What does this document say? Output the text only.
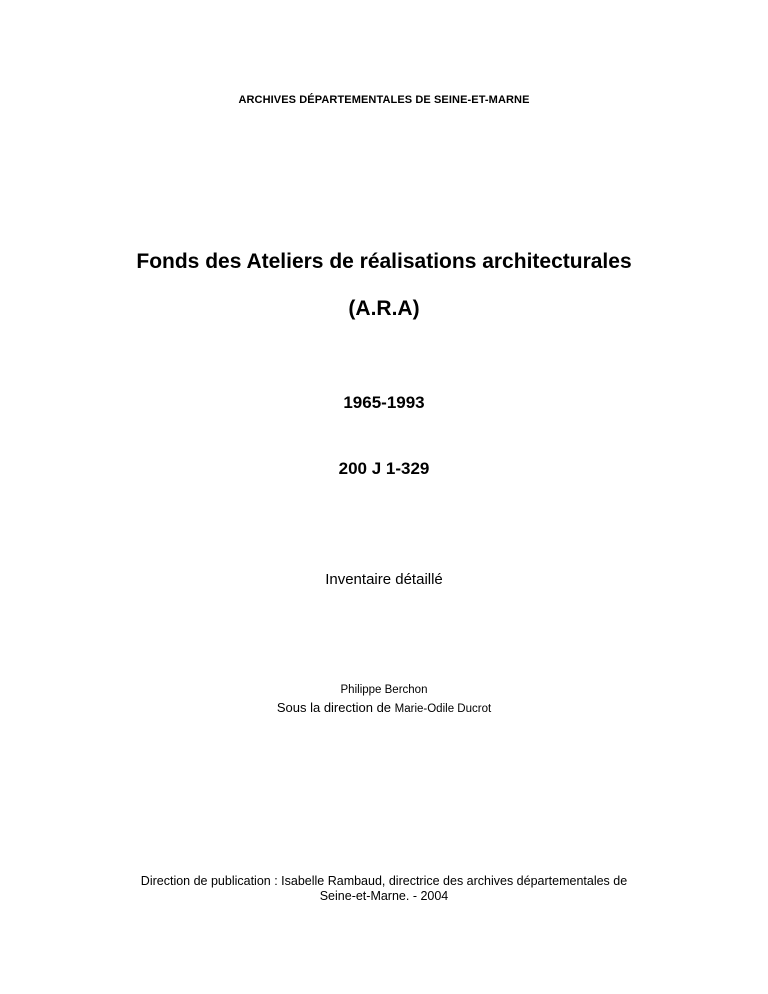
ARCHIVES DÉPARTEMENTALES DE SEINE-ET-MARNE
Fonds des Ateliers de réalisations architecturales
(A.R.A)
1965-1993
200 J 1-329
Inventaire détaillé
Philippe Berchon
Sous la direction de Marie-Odile Ducrot
Direction de publication : Isabelle Rambaud, directrice des archives départementales de
Seine-et-Marne. - 2004
